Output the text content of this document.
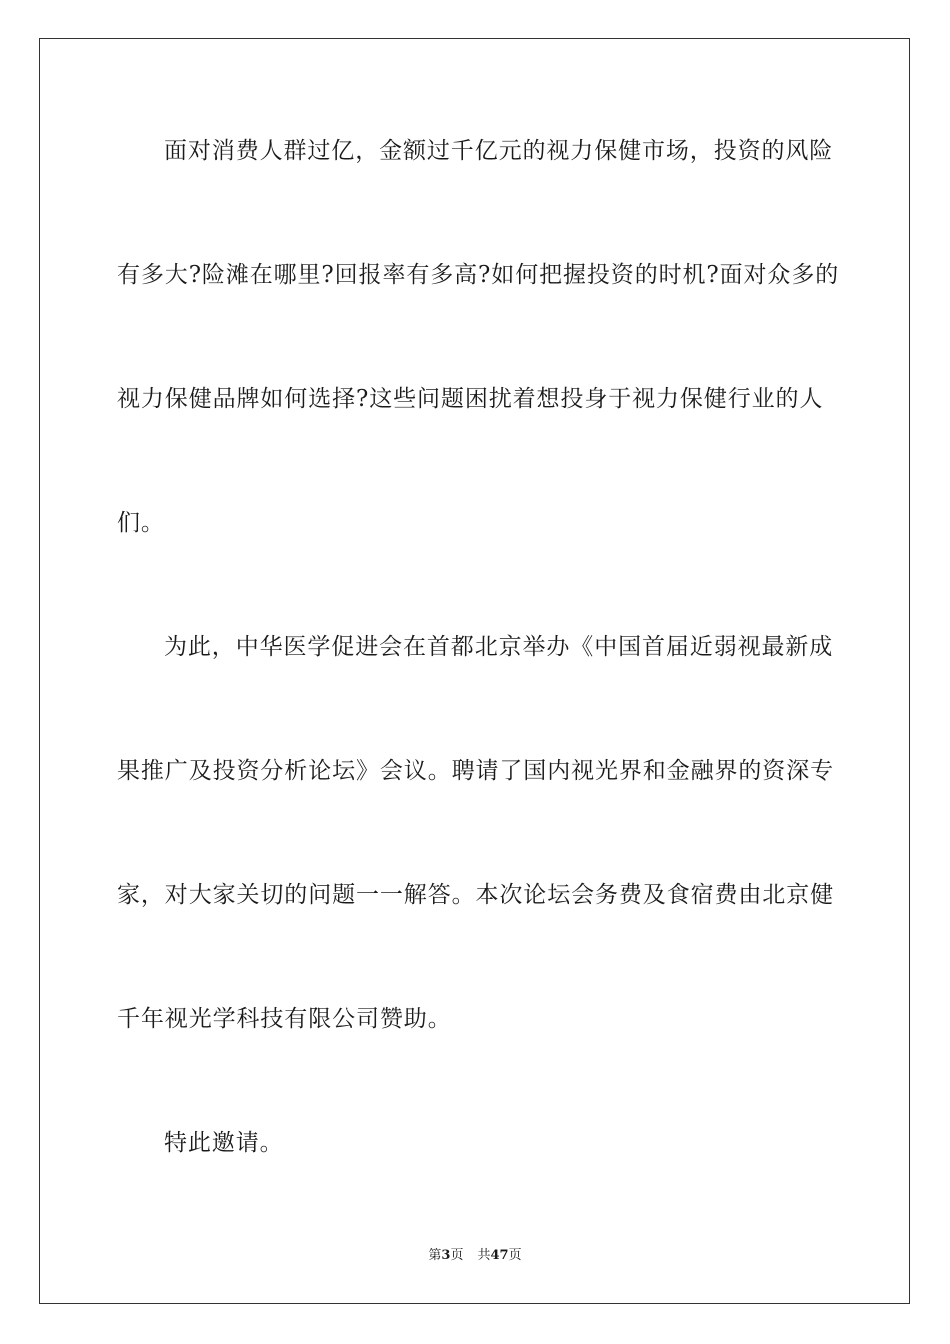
面对消费人群过亿，金额过千亿元的视力保健市场，投资的风险
有多大?险滩在哪里?回报率有多高?如何把握投资的时机?面对众多的
视力保健品牌如何选择?这些问题困扰着想投身于视力保健行业的人
们。
为此，中华医学促进会在首都北京举办《中国首届近弱视最新成
果推广及投资分析论坛》会议。聘请了国内视光界和金融界的资深专
家，对大家关切的问题一一解答。本次论坛会务费及食宿费由北京健
千年视光学科技有限公司赞助。
特此邀请。
第3页 共47页
